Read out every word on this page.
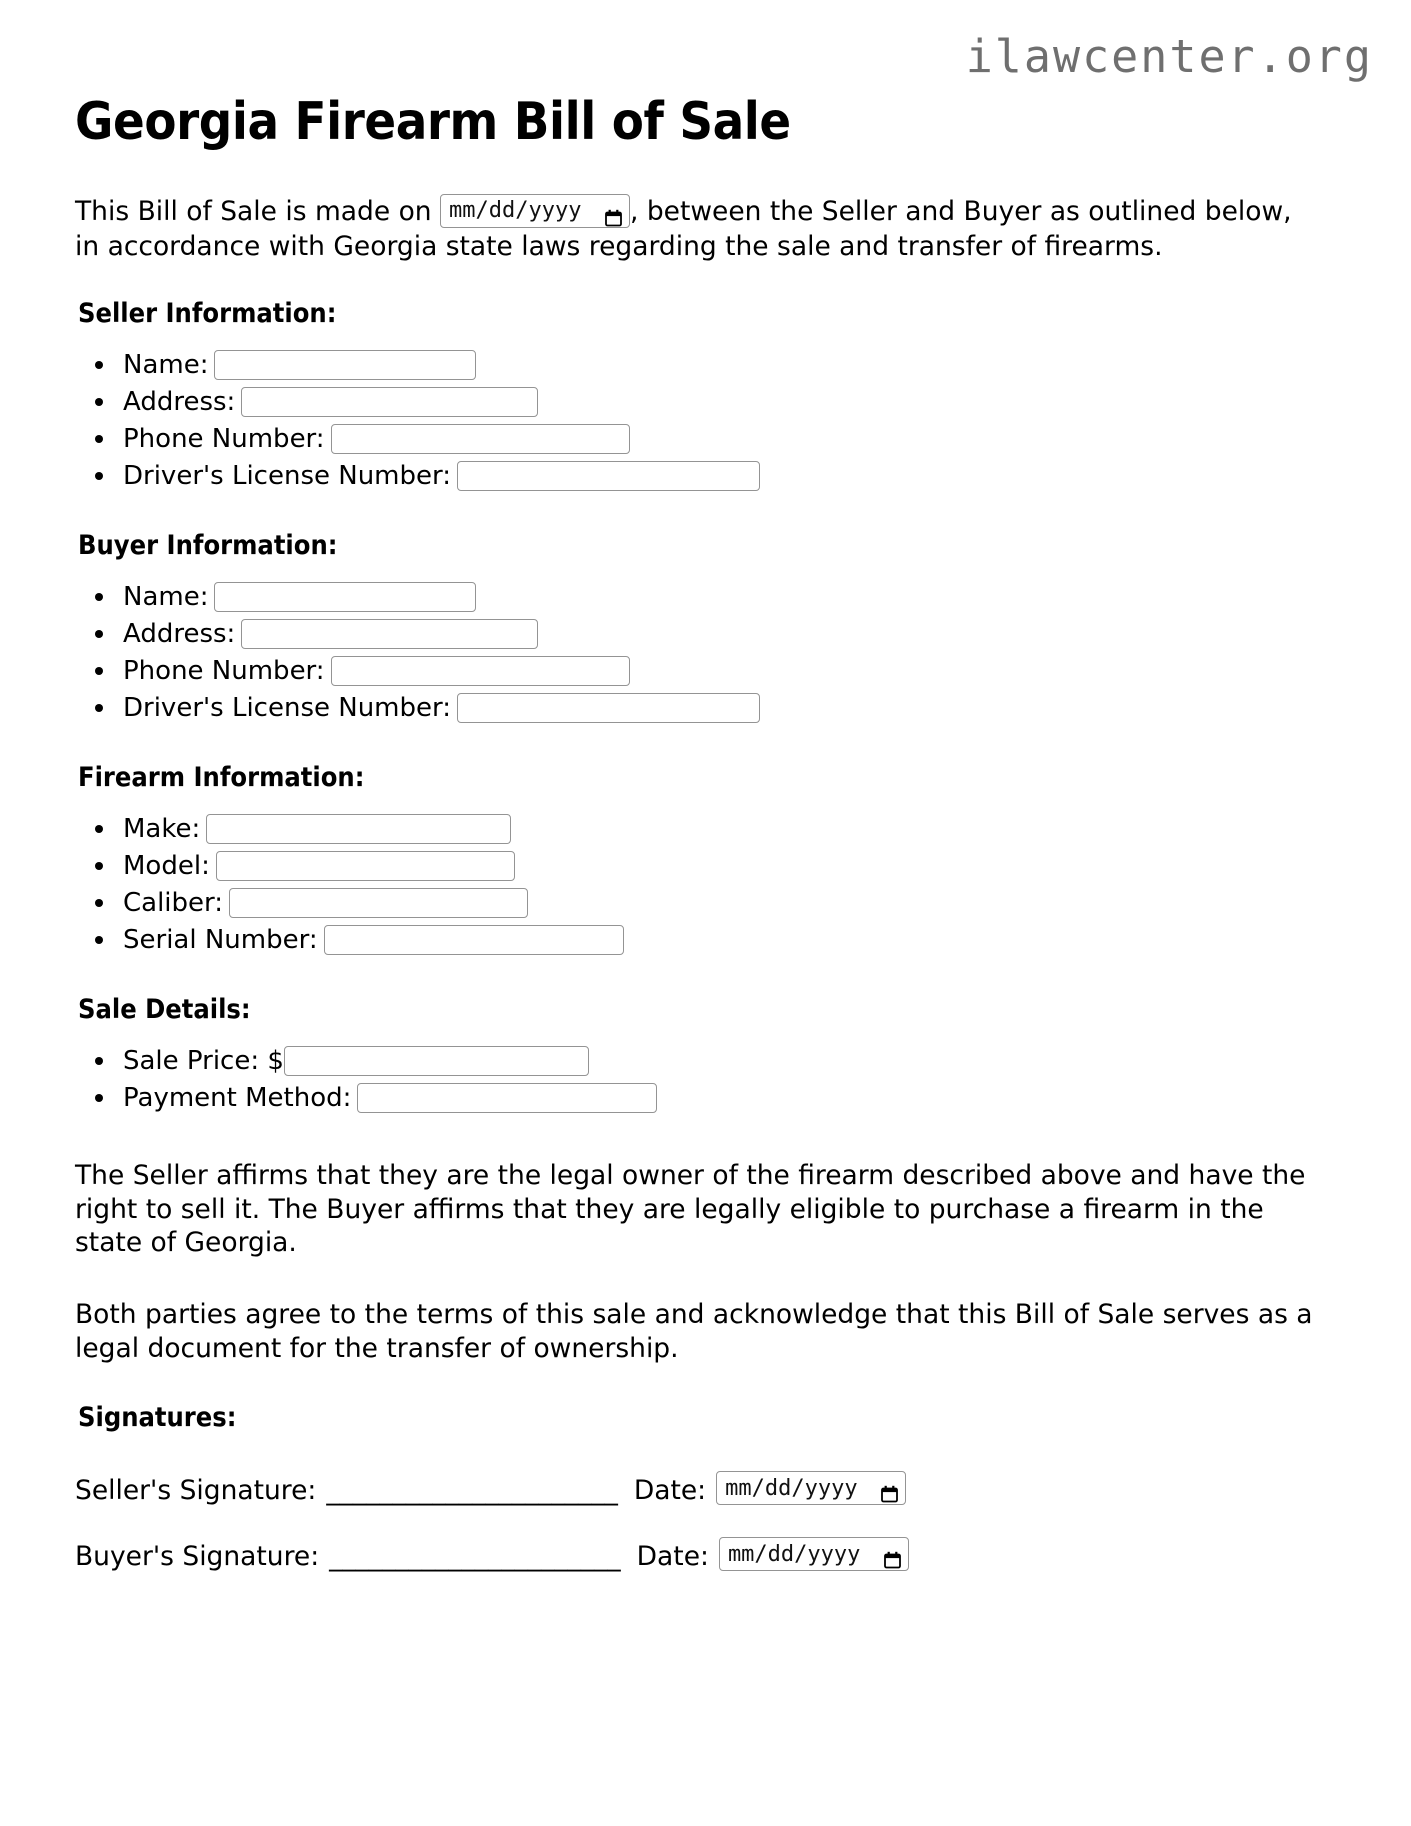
ilawcenter.org
Georgia Firearm Bill of Sale

This Bill of Sale is made on mm/dd/yyyy , between the Seller and Buyer as outlined below, in accordance with Georgia state laws regarding the sale and transfer of firearms.

Seller Information:
Name:
Address:
Phone Number:
Driver's License Number:
Buyer Information:
Name:
Address:
Phone Number:
Driver's License Number:
Firearm Information:
Make:
Model:
Caliber:
Serial Number:
Sale Details:
Sale Price: $
Payment Method:

The Seller affirms that they are the legal owner of the firearm described above and have the right to sell it. The Buyer affirms that they are legally eligible to purchase a firearm in the state of Georgia.

Both parties agree to the terms of this sale and acknowledge that this Bill of Sale serves as a legal document for the transfer of ownership.

Signatures:
Seller's Signature: ______________________ Date: mm/dd/yyyy
Buyer's Signature: ______________________ Date: mm/dd/yyyy
